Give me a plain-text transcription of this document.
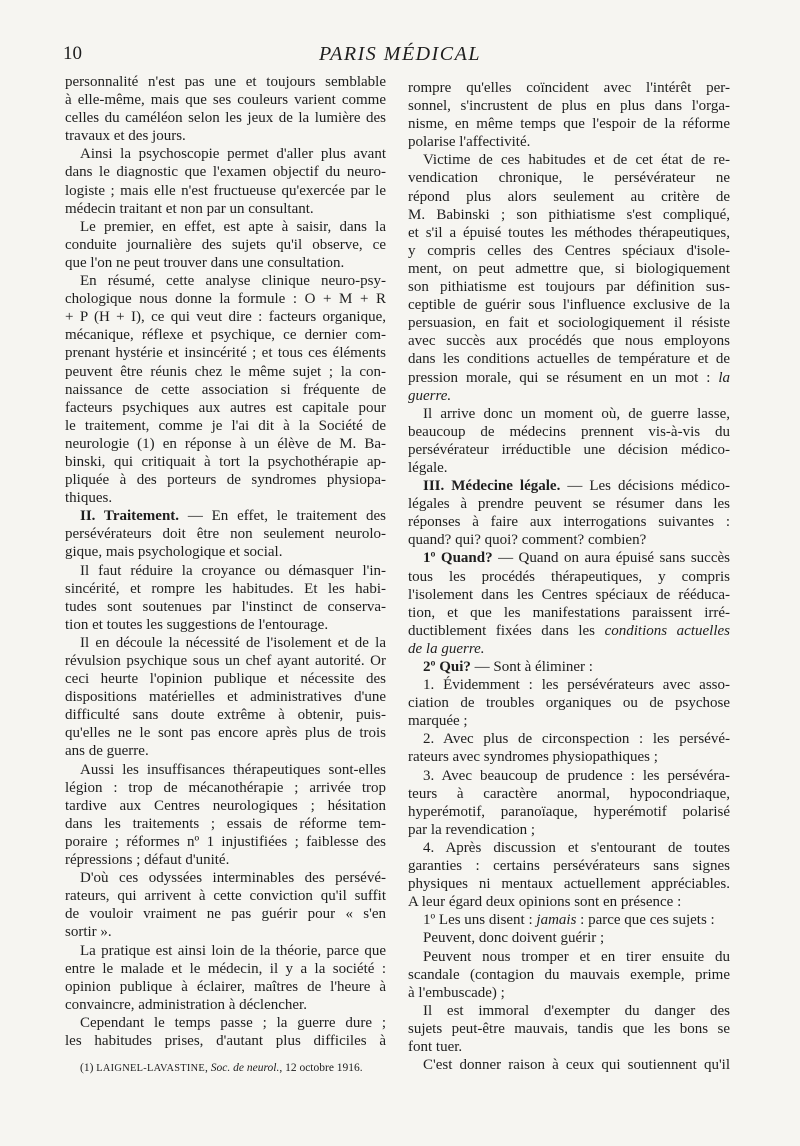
10	PARIS MÉDICAL
personnalité n'est pas une et toujours semblable
à elle-même, mais que ses couleurs varient comme
celles du caméléon selon les jeux de la lumière des
travaux et des jours.
Ainsi la psychoscopie permet d'aller plus avant
dans le diagnostic que l'examen objectif du neuro-
logiste ; mais elle n'est fructueuse qu'exercée par le
médecin traitant et non par un consultant.
Le premier, en effet, est apte à saisir, dans la
conduite journalière des sujets qu'il observe, ce
que l'on ne peut trouver dans une consultation.
En résumé, cette analyse clinique neuro-psy-
chologique nous donne la formule : O + M + R
+ P (H + I), ce qui veut dire : facteurs organique,
mécanique, réflexe et psychique, ce dernier com-
prenant hystérie et insincérité ; et tous ces éléments
peuvent être réunis chez le même sujet ; la con-
naissance de cette association si fréquente de
facteurs psychiques aux autres est capitale pour
le traitement, comme je l'ai dit à la Société de
neurologie (1) en réponse à un élève de M. Ba-
binski, qui critiquait à tort la psychothérapie ap-
pliquée à des porteurs de syndromes physiopa-
thiques.
II. Traitement. — En effet, le traitement des
persévérateurs doit être non seulement neurolo-
gique, mais psychologique et social.
Il faut réduire la croyance ou démasquer l'in-
sincérité, et rompre les habitudes. Et les habi-
tudes sont soutenues par l'instinct de conserva-
tion et toutes les suggestions de l'entourage.
Il en découle la nécessité de l'isolement et de la
révulsion psychique sous un chef ayant autorité. Or
ceci heurte l'opinion publique et nécessite des
dispositions matérielles et administratives d'une
difficulté sans doute extrême à obtenir, puis-
qu'elles ne le sont pas encore après plus de trois
ans de guerre.
Aussi les insuffisances thérapeutiques sont-elles
légion : trop de mécanothérapie ; arrivée trop
tardive aux Centres neurologiques ; hésitation
dans les traitements ; essais de réforme tem-
poraire ; réformes nº 1 injustifiées ; faiblesse des
répressions ; défaut d'unité.
D'où ces odyssées interminables des persévé-
rateurs, qui arrivent à cette conviction qu'il suffit
de vouloir vraiment ne pas guérir pour « s'en
sortir ».
La pratique est ainsi loin de la théorie, parce que
entre le malade et le médecin, il y a la société :
opinion publique à éclairer, maîtres de l'heure à
convaincre, administration à déclencher.
Cependant le temps passe ; la guerre dure ;
les habitudes prises, d'autant plus difficiles à
rompre qu'elles coïncident avec l'intérêt per-
sonnel, s'incrustent de plus en plus dans l'orga-
nisme, en même temps que l'espoir de la réforme
polarise l'affectivité.
Victime de ces habitudes et de cet état de re-
vendication chronique, le persévérateur ne
répond plus alors seulement au critère de
M. Babinski ; son pithiatisme s'est compliqué,
et s'il a épuisé toutes les méthodes thérapeutiques,
y compris celles des Centres spéciaux d'isole-
ment, on peut admettre que, si biologiquement
son pithiatisme est toujours par définition sus-
ceptible de guérir sous l'influence exclusive de la
persuasion, en fait et sociologiquement il résiste
avec succès aux procédés que nous employons
dans les conditions actuelles de température et de
pression morale, qui se résument en un mot : la
guerre.
Il arrive donc un moment où, de guerre lasse,
beaucoup de médecins prennent vis-à-vis du
persévérateur irréductible une décision médico-
légale.
III. Médecine légale. — Les décisions médico-
légales à prendre peuvent se résumer dans les
réponses à faire aux interrogations suivantes :
quand? qui? quoi? comment? combien?
1º Quand? — Quand on aura épuisé sans succès
tous les procédés thérapeutiques, y compris
l'isolement dans les Centres spéciaux de rééduca-
tion, et que les manifestations paraissent irré-
ductiblement fixées dans les conditions actuelles
de la guerre.
2º Qui? — Sont à éliminer :
1. Évidemment : les persévérateurs avec asso-
ciation de troubles organiques ou de psychose
marquée ;
2. Avec plus de circonspection : les persévé-
rateurs avec syndromes physiopathiques ;
3. Avec beaucoup de prudence : les persévéra-
teurs à caractère anormal, hypocondriaque,
hyperémotif, paranoïaque, hyperémotif polarisé
par la revendication ;
4. Après discussion et s'entourant de toutes
garanties : certains persévérateurs sans signes
physiques ni mentaux actuellement appréciables.
A leur égard deux opinions sont en présence :
1º Les uns disent : jamais : parce que ces sujets :
Peuvent, donc doivent guérir ;
Peuvent nous tromper et en tirer ensuite du
scandale (contagion du mauvais exemple, prime
à l'embuscade) ;
Il est immoral d'exempter du danger des
sujets peut-être mauvais, tandis que les bons se
font tuer.
C'est donner raison à ceux qui soutiennent qu'il
(1) LAIGNEL-LAVASTINE, Soc. de neurol., 12 octobre 1916.
